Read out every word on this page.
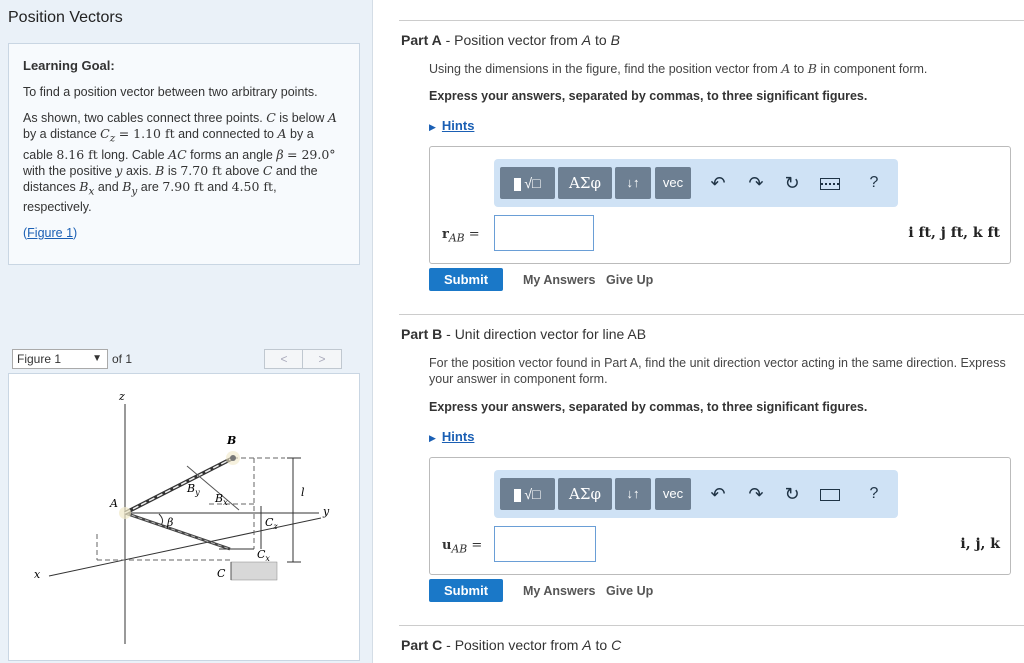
Position Vectors
Learning Goal:
To find a position vector between two arbitrary points.
As shown, two cables connect three points. C is below A by a distance $C_z = 1.10$ ft and connected to A by a cable 8.16 ft long. Cable AC forms an angle β = 29.0° with the positive y axis. B is 7.70 ft above C and the distances $B_x$ and $B_y$ are 7.90 ft and 4.50 ft, respectively.
(Figure 1)
Figure 1	▼ of 1	<	>
z
B
A
$B_y$ $B_x$
y
x	C
$C_z$
$C_x$
l
β
Part A - Position vector from A to B
Using the dimensions in the figure, find the position vector from A to B in component form.
Express your answers, separated by commas, to three significant figures.
▶ Hints
√□	ΑΣφ	↓↑	vec	↶	↷	↻	?
$r_{AB}$ =	i ft, j ft, k ft
Submit	My Answers Give Up
Part B - Unit direction vector for line AB
For the position vector found in Part A, find the unit direction vector acting in the same direction. Express your answer in component form.
Express your answers, separated by commas, to three significant figures.
▶ Hints
√□	ΑΣφ	↓↑	vec	↶	↷	↻	?
$u_{AB}$ =	i, j, k
Submit	My Answers Give Up
Part C - Position vector from A to C
